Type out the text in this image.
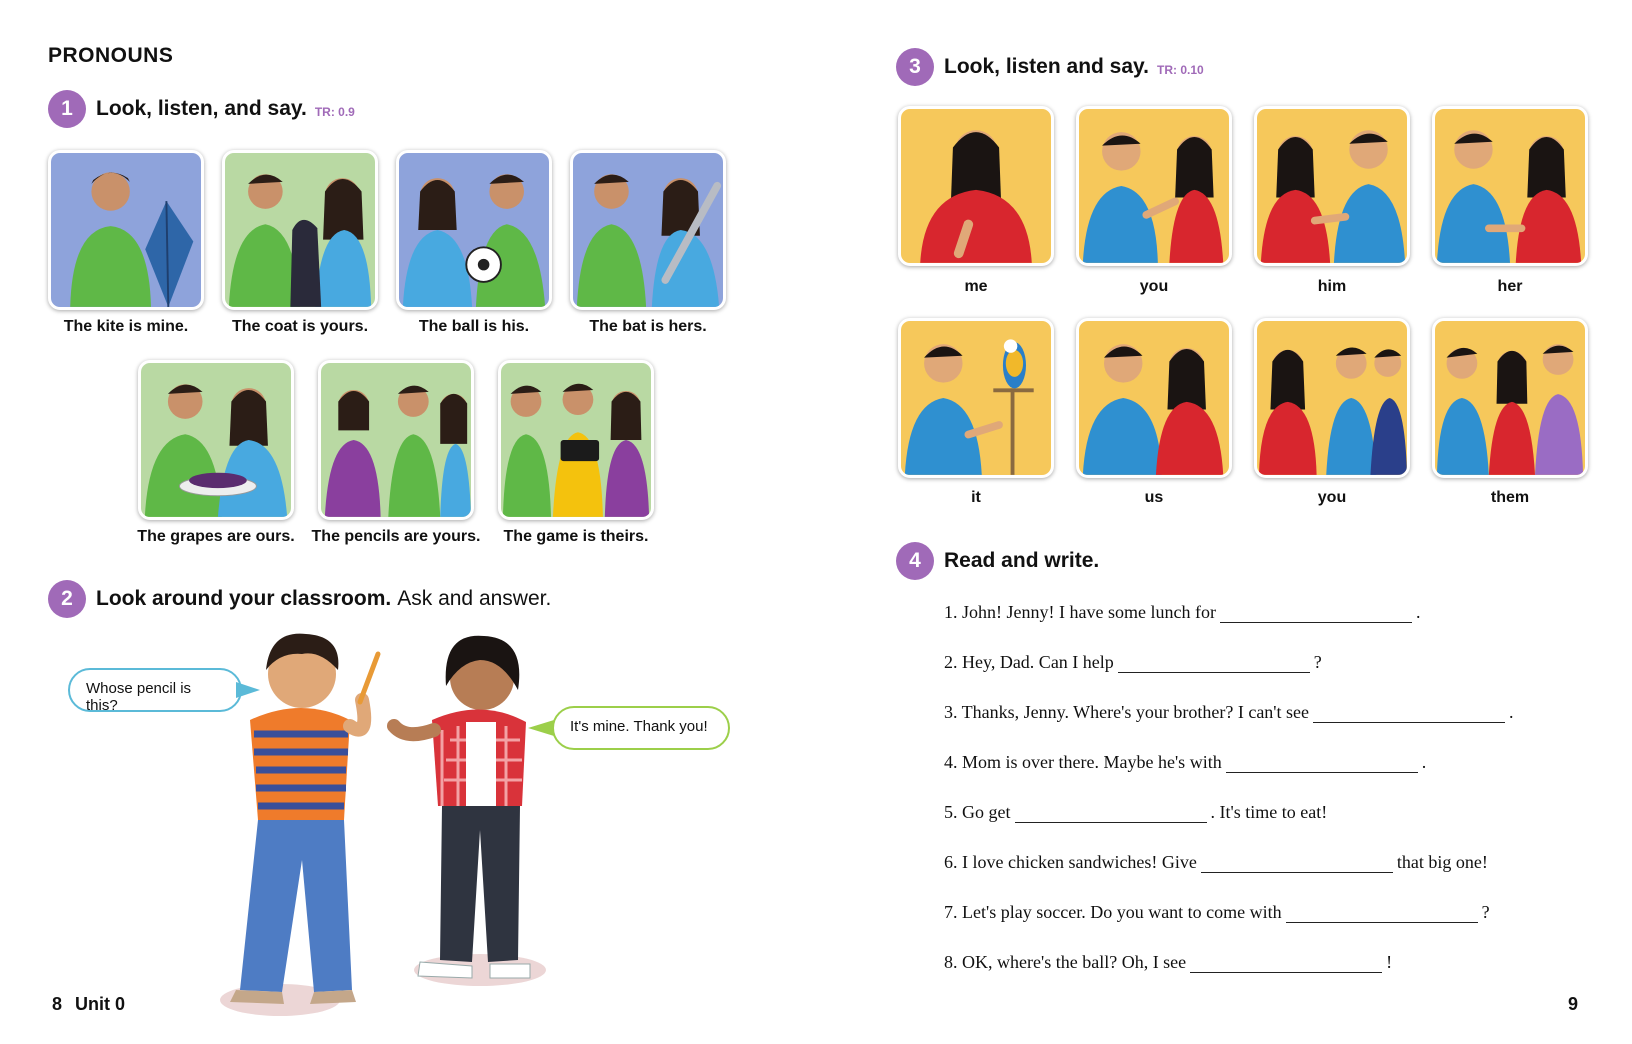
PRONOUNS
1	Look, listen, and say. TR: 0.9
The kite is mine.	The coat is yours.	The ball is his.	The bat is hers.
The grapes are ours.	The pencils are yours.	The game is theirs.
2	Look around your classroom. Ask and answer.
Whose pencil is this?
It's mine. Thank you!
8 Unit 0
3	Look, listen and say. TR: 0.10
me	you	him	her
it	us	you	them
4	Read and write.
1. John! Jenny! I have some lunch for	.
2. Hey, Dad. Can I help	?
3. Thanks, Jenny. Where's your brother? I can't see	.
4. Mom is over there. Maybe he's with	.
5. Go get	. It's time to eat!
6. I love chicken sandwiches! Give	that big one!
7. Let's play soccer. Do you want to come with	?
8. OK, where's the ball? Oh, I see	!
9
